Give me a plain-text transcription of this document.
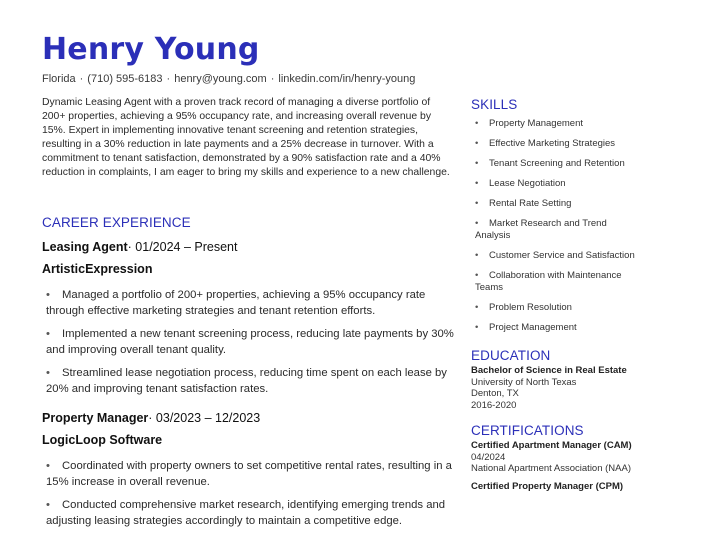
Henry Young
Florida · (710) 595-6183 · henry@young.com · linkedin.com/in/henry-young

Dynamic Leasing Agent with a proven track record of managing a diverse portfolio of 200+ properties, achieving a 95% occupancy rate, and increasing overall revenue by 15%. Expert in implementing innovative tenant screening and retention strategies, resulting in a 30% reduction in late payments and a 25% decrease in turnover. With a commitment to tenant satisfaction, demonstrated by a 90% satisfaction rate and a 40% reduction in complaints, I am eager to bring my skills and experience to a new challenge.

CAREER EXPERIENCE

Leasing Agent· 01/2024 – Present

ArtisticExpression

• Managed a portfolio of 200+ properties, achieving a 95% occupancy rate through effective marketing strategies and tenant retention efforts.
• Implemented a new tenant screening process, reducing late payments by 30% and improving overall tenant quality.
• Streamlined lease negotiation process, reducing time spent on each lease by 20% and improving tenant satisfaction rates.

Property Manager· 03/2023 – 12/2023

LogicLoop Software

• Coordinated with property owners to set competitive rental rates, resulting in a 15% increase in overall revenue.
• Conducted comprehensive market research, identifying emerging trends and adjusting leasing strategies accordingly to maintain a competitive edge.
SKILLS
• Property Management
• Effective Marketing Strategies
• Tenant Screening and Retention
• Lease Negotiation
• Rental Rate Setting
• Market Research and Trend Analysis
• Customer Service and Satisfaction
• Collaboration with Maintenance Teams
• Problem Resolution
• Project Management
EDUCATION
Bachelor of Science in Real Estate
University of North Texas
Denton, TX
2016-2020
CERTIFICATIONS
Certified Apartment Manager (CAM)
04/2024
National Apartment Association (NAA)
Certified Property Manager (CPM)
